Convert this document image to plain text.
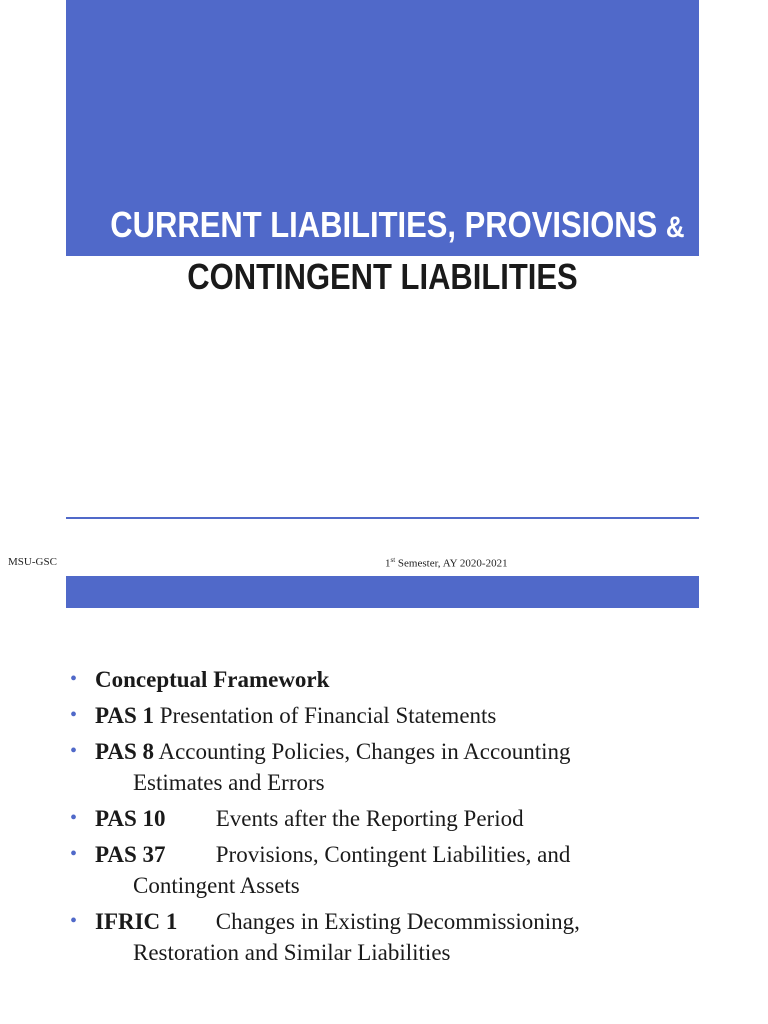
CURRENT LIABILITIES, PROVISIONS &
CONTINGENT LIABILITIES
MSU-GSC	1st Semester, AY 2020-2021
• Conceptual Framework
• PAS 1 Presentation of Financial Statements
• PAS 8 Accounting Policies, Changes in Accounting
Estimates and Errors
• PAS 10 Events after the Reporting Period
• PAS 37 Provisions, Contingent Liabilities, and
Contingent Assets
• IFRIC 1 Changes in Existing Decommissioning,
Restoration and Similar Liabilities
